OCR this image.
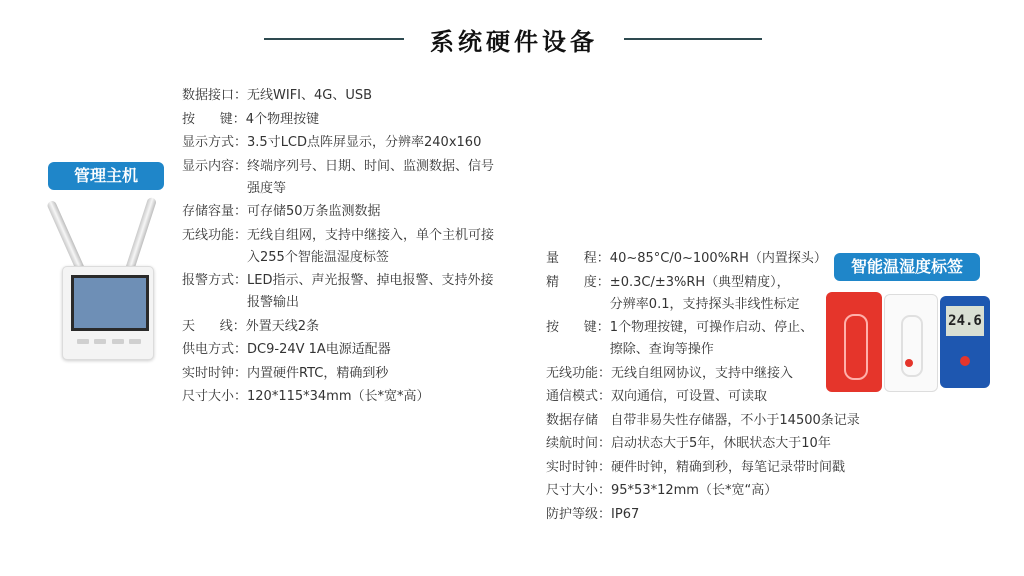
系统硬件设备
管理主机
数据接口： 无线WIFI、4G、USB
按      键： 4个物理按键
显示方式： 3.5寸LCD点阵屏显示，分辨率240x160
显示内容： 终端序列号、日期、时间、监测数据、信号
强度等
存储容量： 可存储50万条监测数据
无线功能： 无线自组网，支持中继接入，单个主机可接
入255个智能温湿度标签
报警方式： LED指示、声光报警、掉电报警、支持外接
报警输出
天      线： 外置天线2条
供电方式： DC9-24V 1A电源适配器
实时时钟： 内置硬件RTC，精确到秒
尺寸大小： 120*115*34mm（长*宽*高）
智能温湿度标签
24.6
量      程： 40~85°C/0~100%RH（内置探头）
精      度： ±0.3C/±3%RH（典型精度），
分辨率0.1，支持探头非线性标定
按      键： 1个物理按键，可操作启动、停止、
擦除、查询等操作
无线功能： 无线自组网协议，支持中继接入
通信模式： 双向通信，可设置、可读取
数据存储 自带非易失性存储器，不小于14500条记录
续航时间： 启动状态大于5年，休眠状态大于10年
实时时钟： 硬件时钟，精确到秒，每笔记录带时间戳
尺寸大小： 95*53*12mm（长*宽“高）
防护等级： IP67
